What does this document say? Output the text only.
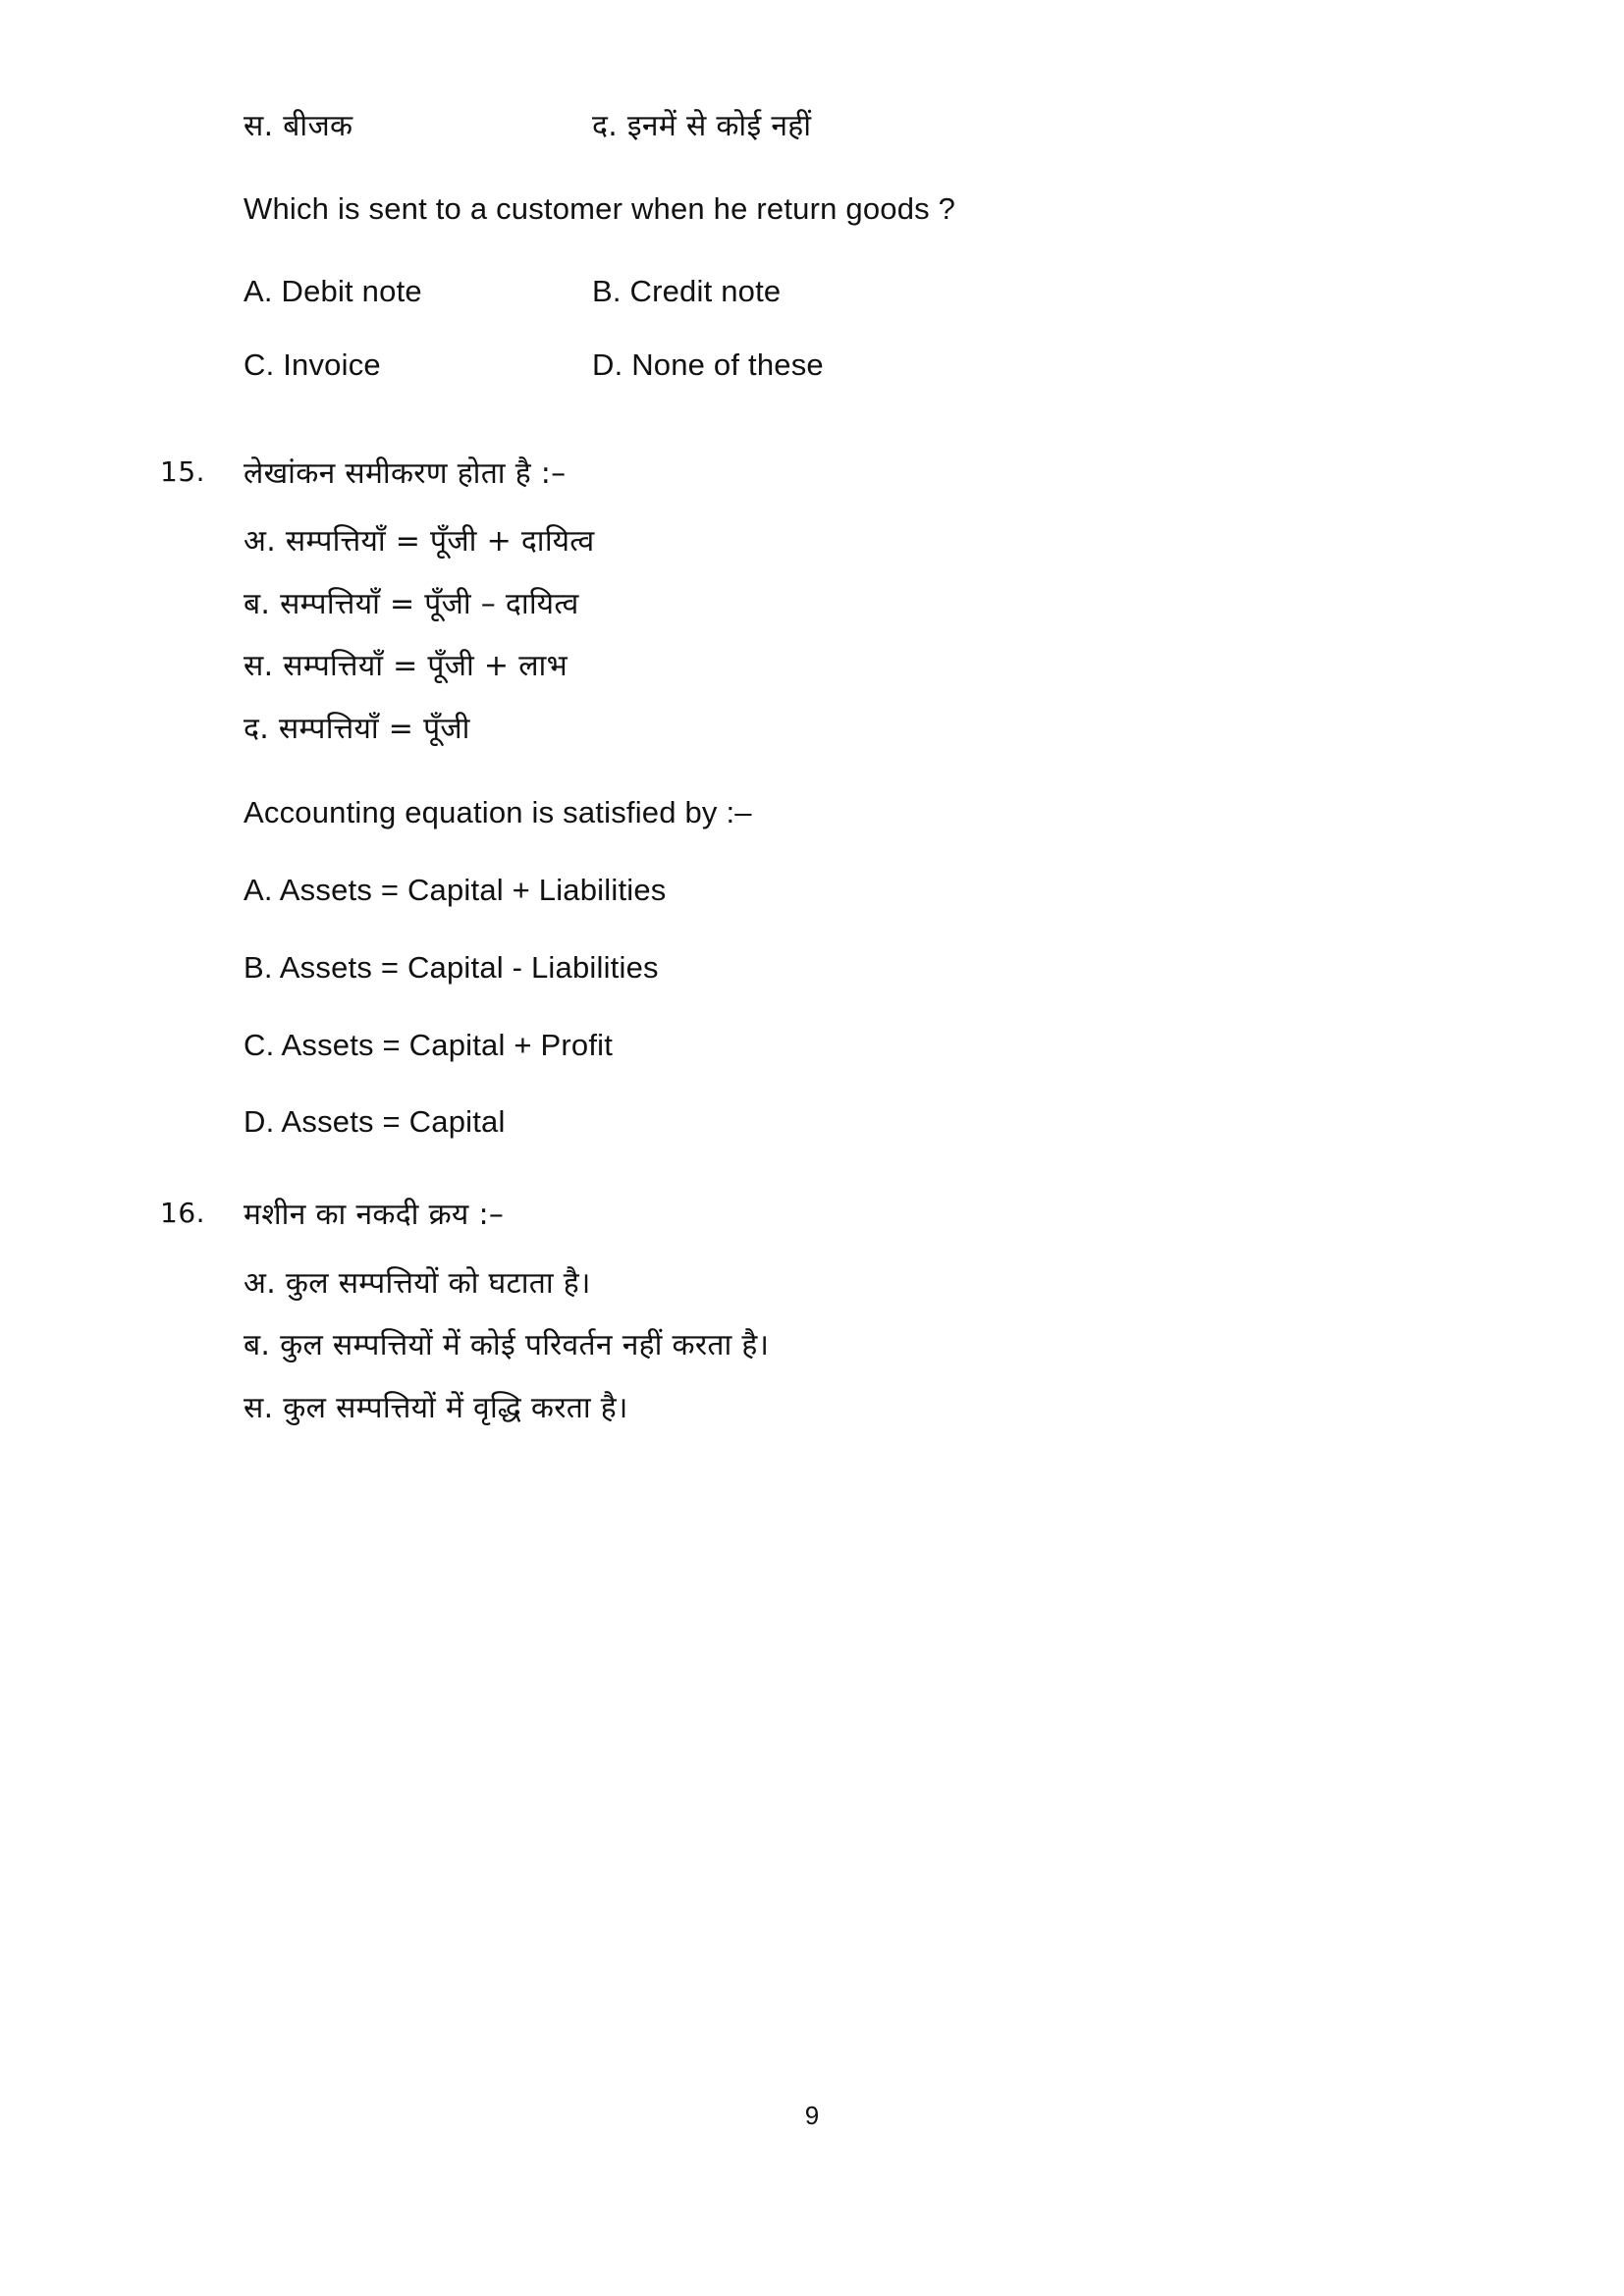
स. बीजक	द. इनमें से कोई नहीं
Which is sent to a customer when he return goods ?
A. Debit note	B. Credit note
C. Invoice	D. None of these
15. लेखांकन समीकरण होता है :–
अ. सम्पत्तियाँ = पूँजी + दायित्व
ब. सम्पत्तियाँ = पूँजी – दायित्व
स. सम्पत्तियाँ = पूँजी + लाभ
द. सम्पत्तियाँ = पूँजी
Accounting equation is satisfied by :–
A. Assets = Capital + Liabilities
B. Assets = Capital - Liabilities
C. Assets = Capital + Profit
D. Assets = Capital
16. मशीन का नकदी क्रय :–
अ. कुल सम्पत्तियों को घटाता है।
ब. कुल सम्पत्तियों में कोई परिवर्तन नहीं करता है।
स. कुल सम्पत्तियों में वृद्धि करता है।
9
